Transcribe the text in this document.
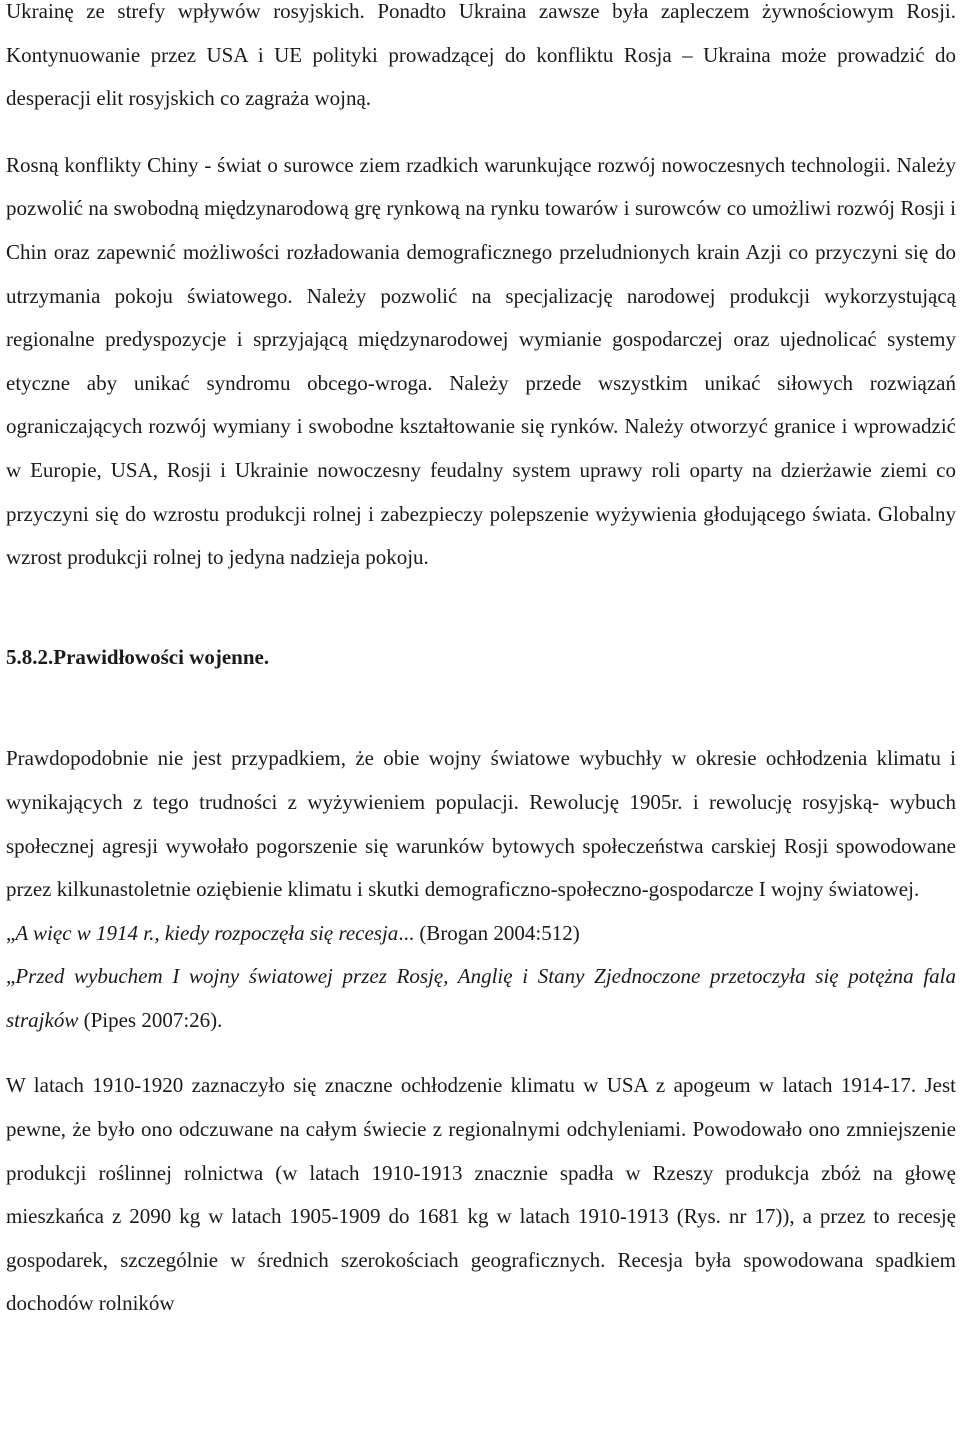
Ukrainę ze strefy wpływów rosyjskich. Ponadto Ukraina zawsze była zapleczem żywnościowym Rosji. Kontynuowanie przez USA i UE polityki prowadzącej do konfliktu Rosja – Ukraina może prowadzić do desperacji elit rosyjskich co zagraża wojną.

Rosną konflikty Chiny - świat o surowce ziem rzadkich warunkujące rozwój nowoczesnych technologii. Należy pozwolić na swobodną międzynarodową grę rynkową na rynku towarów i surowców co umożliwi rozwój Rosji i Chin oraz zapewnić możliwości rozładowania demograficznego przeludnionych krain Azji co przyczyni się do utrzymania pokoju światowego. Należy pozwolić na specjalizację narodowej produkcji wykorzystującą regionalne predyspozycje i sprzyjającą międzynarodowej wymianie gospodarczej oraz ujednolicać systemy etyczne aby unikać syndromu obcego-wroga. Należy przede wszystkim unikać siłowych rozwiązań ograniczających rozwój wymiany i swobodne kształtowanie się rynków. Należy otworzyć granice i wprowadzić w Europie, USA, Rosji i Ukrainie nowoczesny feudalny system uprawy roli oparty na dzierżawie ziemi co przyczyni się do wzrostu produkcji rolnej i zabezpieczy polepszenie wyżywienia głodującego świata. Globalny wzrost produkcji rolnej to jedyna nadzieja pokoju.

5.8.2.Prawidłowości wojenne.

Prawdopodobnie nie jest przypadkiem, że obie wojny światowe wybuchły w okresie ochłodzenia klimatu i wynikających z tego trudności z wyżywieniem populacji. Rewolucję 1905r. i rewolucję rosyjską- wybuch społecznej agresji wywołało pogorszenie się warunków bytowych społeczeństwa carskiej Rosji spowodowane przez kilkunastoletnie oziębienie klimatu i skutki demograficzno-społeczno-gospodarcze I wojny światowej.

„A więc w 1914 r., kiedy rozpoczęła się recesja... (Brogan 2004:512)

„Przed wybuchem I wojny światowej przez Rosję, Anglię i Stany Zjednoczone przetoczyła się potężna fala strajków (Pipes 2007:26).

W latach 1910-1920 zaznaczyło się znaczne ochłodzenie klimatu w USA z apogeum w latach 1914-17. Jest pewne, że było ono odczuwane na całym świecie z regionalnymi odchyleniami. Powodowało ono zmniejszenie produkcji roślinnej rolnictwa (w latach 1910-1913 znacznie spadła w Rzeszy produkcja zbóż na głowę mieszkańca z 2090 kg w latach 1905-1909 do 1681 kg w latach 1910-1913 (Rys. nr 17)), a przez to recesję gospodarek, szczególnie w średnich szerokościach geograficznych. Recesja była spowodowana spadkiem dochodów rolników
